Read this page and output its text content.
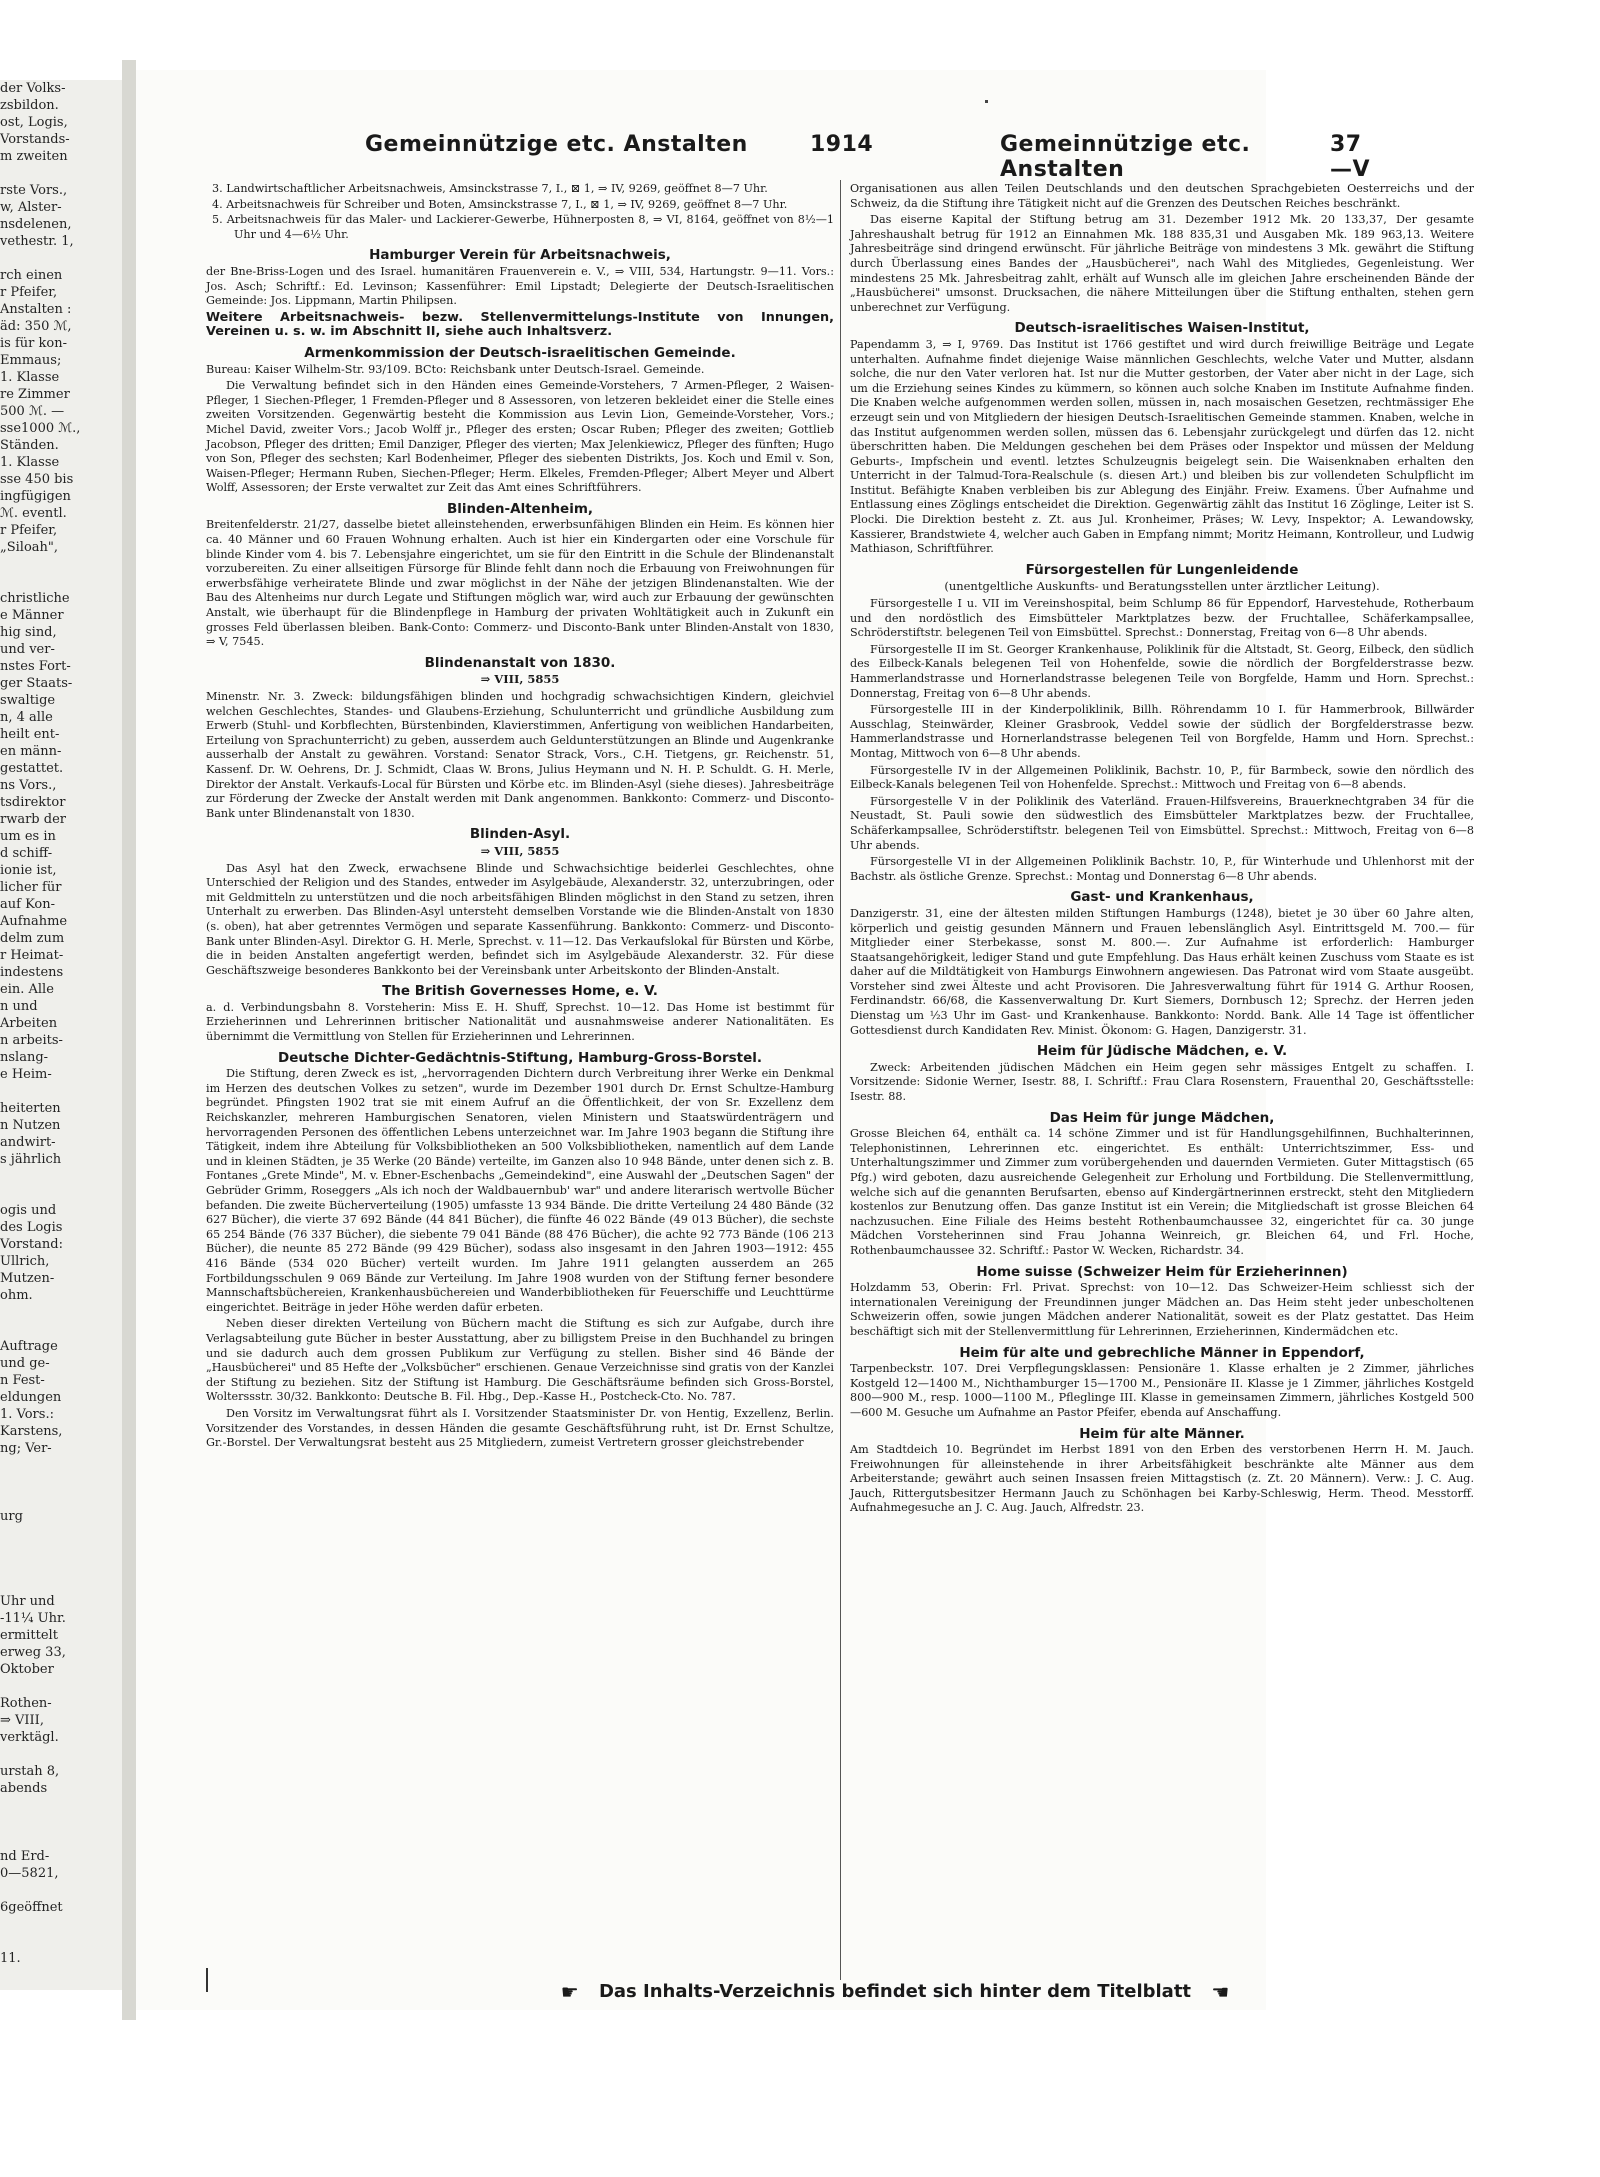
der Volks-
zsbildon.
ost, Logis,
Vorstands-
m zweiten

rste Vors.,
w, Alster-
nsdelenen,
vethestr. 1,

rch einen
r Pfeifer,
Anstalten :
äd: 350 ℳ,
is für kon-
Emmaus;
1. Klasse
re Zimmer
500 ℳ. —
sse1000 ℳ.,
Ständen.
1. Klasse
sse 450 bis
ingfügigen
ℳ. eventl.
r Pfeifer,
„Siloah",

christliche
e Männer
hig sind,
und ver-
nstes Fort-
ger Staats-
swaltige
n, 4 alle
heilt ent-
en männ-
gestattet.
ns Vors.,
tsdirektor
rwarb der
um es in
d schiff-
ionie ist,
licher für
auf Kon-
Aufnahme
delm zum
r Heimat-
indestens
ein. Alle
n und
Arbeiten
n arbeits-
nslang-
e Heim-

heiterten
n Nutzen
andwirt-
s jährlich

ogis und
des Logis
Vorstand:
Ullrich,
Mutzen-
ohm.

Auftrage
und ge-
n Fest-
eldungen
1. Vors.:
Karstens,
ng; Ver-

urg

Uhr und
-11¼ Uhr.
ermittelt
erweg 33,
Oktober

Rothen-
⇒ VIII,
verktägl.

urstah 8,
abends

nd Erd-
0—5821,

6geöffnet

11.
Gemeinnützige etc. Anstalten	1914	Gemeinnützige etc. Anstalten
37—V
3. Landwirtschaftlicher Arbeitsnachweis, Amsinckstrasse 7, I., ⊠ 1, ⇒ IV, 9269, geöffnet 8—7 Uhr.
4. Arbeitsnachweis für Schreiber und Boten, Amsinckstrasse 7, I., ⊠ 1, ⇒ IV, 9269, geöffnet 8—7 Uhr.
5. Arbeitsnachweis für das Maler- und Lackierer-Gewerbe, Hühnerposten 8, ⇒ VI, 8164, geöffnet von 8½—1 Uhr und 4—6½ Uhr.
Hamburger Verein für Arbeitsnachweis,
der Bne-Briss-Logen und des Israel. humanitären Frauenverein e. V., ⇒ VIII, 534, Hartungstr. 9—11. Vors.: Jos. Asch; Schriftf.: Ed. Levinson; Kassenführer: Emil Lipstadt; Delegierte der Deutsch-Israelitischen Gemeinde: Jos. Lippmann, Martin Philipsen.
Weitere Arbeitsnachweis- bezw. Stellenvermittelungs-Institute von Innungen, Vereinen u. s. w. im Abschnitt II, siehe auch Inhaltsverz.
Armenkommission der Deutsch-israelitischen Gemeinde.
Bureau: Kaiser Wilhelm-Str. 93/109. BCto: Reichsbank unter Deutsch-Israel. Gemeinde.
Die Verwaltung befindet sich in den Händen eines Gemeinde-Vorstehers, 7 Armen-Pfleger, 2 Waisen-Pfleger, 1 Siechen-Pfleger, 1 Fremden-Pfleger und 8 Assessoren, von letzeren bekleidet einer die Stelle eines zweiten Vorsitzenden. Gegenwärtig besteht die Kommission aus Levin Lion, Gemeinde-Vorsteher, Vors.; Michel David, zweiter Vors.; Jacob Wolff jr., Pfleger des ersten; Oscar Ruben; Pfleger des zweiten; Gottlieb Jacobson, Pfleger des dritten; Emil Danziger, Pfleger des vierten; Max Jelenkiewicz, Pfleger des fünften; Hugo von Son, Pfleger des sechsten; Karl Bodenheimer, Pfleger des siebenten Distrikts, Jos. Koch und Emil v. Son, Waisen-Pfleger; Hermann Ruben, Siechen-Pfleger; Herm. Elkeles, Fremden-Pfleger; Albert Meyer und Albert Wolff, Assessoren; der Erste verwaltet zur Zeit das Amt eines Schriftführers.
Blinden-Altenheim,
Breitenfelderstr. 21/27, dasselbe bietet alleinstehenden, erwerbsunfähigen Blinden ein Heim. Es können hier ca. 40 Männer und 60 Frauen Wohnung erhalten. Auch ist hier ein Kindergarten oder eine Vorschule für blinde Kinder vom 4. bis 7. Lebensjahre eingerichtet, um sie für den Eintritt in die Schule der Blindenanstalt vorzubereiten. Zu einer allseitigen Fürsorge für Blinde fehlt dann noch die Erbauung von Freiwohnungen für erwerbsfähige verheiratete Blinde und zwar möglichst in der Nähe der jetzigen Blindenanstalten. Wie der Bau des Altenheims nur durch Legate und Stiftungen möglich war, wird auch zur Erbauung der gewünschten Anstalt, wie überhaupt für die Blindenpflege in Hamburg der privaten Wohltätigkeit auch in Zukunft ein grosses Feld überlassen bleiben. Bank-Conto: Commerz- und Disconto-Bank unter Blinden-Anstalt von 1830, ⇒ V, 7545.
Blindenanstalt von 1830.
⇒ VIII, 5855
Minenstr. Nr. 3. Zweck: bildungsfähigen blinden und hochgradig schwachsichtigen Kindern, gleichviel welchen Geschlechtes, Standes- und Glaubens-Erziehung, Schulunterricht und gründliche Ausbildung zum Erwerb (Stuhl- und Korbflechten, Bürstenbinden, Klavierstimmen, Anfertigung von weiblichen Handarbeiten, Erteilung von Sprachunterricht) zu geben, ausserdem auch Geldunterstützungen an Blinde und Augenkranke ausserhalb der Anstalt zu gewähren. Vorstand: Senator Strack, Vors., C.H. Tietgens, gr. Reichenstr. 51, Kassenf. Dr. W. Oehrens, Dr. J. Schmidt, Claas W. Brons, Julius Heymann und N. H. P. Schuldt. G. H. Merle, Direktor der Anstalt. Verkaufs-Local für Bürsten und Körbe etc. im Blinden-Asyl (siehe dieses). Jahresbeiträge zur Förderung der Zwecke der Anstalt werden mit Dank angenommen. Bankkonto: Commerz- und Disconto-Bank unter Blindenanstalt von 1830.
Blinden-Asyl.
⇒ VIII, 5855
Das Asyl hat den Zweck, erwachsene Blinde und Schwachsichtige beiderlei Geschlechtes, ohne Unterschied der Religion und des Standes, entweder im Asylgebäude, Alexanderstr. 32, unterzubringen, oder mit Geldmitteln zu unterstützen und die noch arbeitsfähigen Blinden möglichst in den Stand zu setzen, ihren Unterhalt zu erwerben. Das Blinden-Asyl untersteht demselben Vorstande wie die Blinden-Anstalt von 1830 (s. oben), hat aber getrenntes Vermögen und separate Kassenführung. Bankkonto: Commerz- und Disconto-Bank unter Blinden-Asyl. Direktor G. H. Merle, Sprechst. v. 11—12. Das Verkaufslokal für Bürsten und Körbe, die in beiden Anstalten angefertigt werden, befindet sich im Asylgebäude Alexanderstr. 32. Für diese Geschäftszweige besonderes Bankkonto bei der Vereinsbank unter Arbeitskonto der Blinden-Anstalt.
The British Governesses Home, e. V.
a. d. Verbindungsbahn 8. Vorsteherin: Miss E. H. Shuff, Sprechst. 10—12. Das Home ist bestimmt für Erzieherinnen und Lehrerinnen britischer Nationalität und ausnahmsweise anderer Nationalitäten. Es übernimmt die Vermittlung von Stellen für Erzieherinnen und Lehrerinnen.
Deutsche Dichter-Gedächtnis-Stiftung, Hamburg-Gross-Borstel.
Die Stiftung, deren Zweck es ist, „hervorragenden Dichtern durch Verbreitung ihrer Werke ein Denkmal im Herzen des deutschen Volkes zu setzen", wurde im Dezember 1901 durch Dr. Ernst Schultze-Hamburg begründet. Pfingsten 1902 trat sie mit einem Aufruf an die Öffentlichkeit, der von Sr. Exzellenz dem Reichskanzler, mehreren Hamburgischen Senatoren, vielen Ministern und Staatswürdenträgern und hervorragenden Personen des öffentlichen Lebens unterzeichnet war. Im Jahre 1903 begann die Stiftung ihre Tätigkeit, indem ihre Abteilung für Volksbibliotheken an 500 Volksbibliotheken, namentlich auf dem Lande und in kleinen Städten, je 35 Werke (20 Bände) verteilte, im Ganzen also 10 948 Bände, unter denen sich z. B. Fontanes „Grete Minde", M. v. Ebner-Eschenbachs „Gemeindekind", eine Auswahl der „Deutschen Sagen" der Gebrüder Grimm, Roseggers „Als ich noch der Waldbauernbub' war" und andere literarisch wertvolle Bücher befanden. Die zweite Bücherverteilung (1905) umfasste 13 934 Bände. Die dritte Verteilung 24 480 Bände (32 627 Bücher), die vierte 37 692 Bände (44 841 Bücher), die fünfte 46 022 Bände (49 013 Bücher), die sechste 65 254 Bände (76 337 Bücher), die siebente 79 041 Bände (88 476 Bücher), die achte 92 773 Bände (106 213 Bücher), die neunte 85 272 Bände (99 429 Bücher), sodass also insgesamt in den Jahren 1903—1912: 455 416 Bände (534 020 Bücher) verteilt wurden. Im Jahre 1911 gelangten ausserdem an 265 Fortbildungsschulen 9 069 Bände zur Verteilung. Im Jahre 1908 wurden von der Stiftung ferner besondere Mannschaftsbüchereien, Krankenhausbüchereien und Wanderbibliotheken für Feuerschiffe und Leuchttürme eingerichtet. Beiträge in jeder Höhe werden dafür erbeten.
Neben dieser direkten Verteilung von Büchern macht die Stiftung es sich zur Aufgabe, durch ihre Verlagsabteilung gute Bücher in bester Ausstattung, aber zu billigstem Preise in den Buchhandel zu bringen und sie dadurch auch dem grossen Publikum zur Verfügung zu stellen. Bisher sind 46 Bände der „Hausbücherei" und 85 Hefte der „Volksbücher" erschienen. Genaue Verzeichnisse sind gratis von der Kanzlei der Stiftung zu beziehen. Sitz der Stiftung ist Hamburg. Die Geschäftsräume befinden sich Gross-Borstel, Wolterssstr. 30/32. Bankkonto: Deutsche B. Fil. Hbg., Dep.-Kasse H., Postcheck-Cto. No. 787.
Den Vorsitz im Verwaltungsrat führt als I. Vorsitzender Staatsminister Dr. von Hentig, Exzellenz, Berlin. Vorsitzender des Vorstandes, in dessen Händen die gesamte Geschäftsführung ruht, ist Dr. Ernst Schultze, Gr.-Borstel. Der Verwaltungsrat besteht aus 25 Mitgliedern, zumeist Vertretern grosser gleichstrebender
Organisationen aus allen Teilen Deutschlands und den deutschen Sprachgebieten Oesterreichs und der Schweiz, da die Stiftung ihre Tätigkeit nicht auf die Grenzen des Deutschen Reiches beschränkt.
Das eiserne Kapital der Stiftung betrug am 31. Dezember 1912 Mk. 20 133,37, Der gesamte Jahreshaushalt betrug für 1912 an Einnahmen Mk. 188 835,31 und Ausgaben Mk. 189 963,13. Weitere Jahresbeiträge sind dringend erwünscht. Für jährliche Beiträge von mindestens 3 Mk. gewährt die Stiftung durch Überlassung eines Bandes der „Hausbücherei", nach Wahl des Mitgliedes, Gegenleistung. Wer mindestens 25 Mk. Jahresbeitrag zahlt, erhält auf Wunsch alle im gleichen Jahre erscheinenden Bände der „Hausbücherei" umsonst. Drucksachen, die nähere Mitteilungen über die Stiftung enthalten, stehen gern unberechnet zur Verfügung.
Deutsch-israelitisches Waisen-Institut,
Papendamm 3, ⇒ I, 9769. Das Institut ist 1766 gestiftet und wird durch freiwillige Beiträge und Legate unterhalten. Aufnahme findet diejenige Waise männlichen Geschlechts, welche Vater und Mutter, alsdann solche, die nur den Vater verloren hat. Ist nur die Mutter gestorben, der Vater aber nicht in der Lage, sich um die Erziehung seines Kindes zu kümmern, so können auch solche Knaben im Institute Aufnahme finden. Die Knaben welche aufgenommen werden sollen, müssen in, nach mosaischen Gesetzen, rechtmässiger Ehe erzeugt sein und von Mitgliedern der hiesigen Deutsch-Israelitischen Gemeinde stammen. Knaben, welche in das Institut aufgenommen werden sollen, müssen das 6. Lebensjahr zurückgelegt und dürfen das 12. nicht überschritten haben. Die Meldungen geschehen bei dem Präses oder Inspektor und müssen der Meldung Geburts-, Impfschein und eventl. letztes Schulzeugnis beigelegt sein. Die Waisenknaben erhalten den Unterricht in der Talmud-Tora-Realschule (s. diesen Art.) und bleiben bis zur vollendeten Schulpflicht im Institut. Befähigte Knaben verbleiben bis zur Ablegung des Einjähr. Freiw. Examens. Über Aufnahme und Entlassung eines Zöglings entscheidet die Direktion. Gegenwärtig zählt das Institut 16 Zöglinge, Leiter ist S. Plocki. Die Direktion besteht z. Zt. aus Jul. Kronheimer, Präses; W. Levy, Inspektor; A. Lewandowsky, Kassierer, Brandstwiete 4, welcher auch Gaben in Empfang nimmt; Moritz Heimann, Kontrolleur, und Ludwig Mathiason, Schriftführer.
Fürsorgestellen für Lungenleidende
(unentgeltliche Auskunfts- und Beratungsstellen unter ärztlicher Leitung).
Fürsorgestelle I u. VII im Vereinshospital, beim Schlump 86 für Eppendorf, Harvestehude, Rotherbaum und den nordöstlich des Eimsbütteler Marktplatzes bezw. der Fruchtallee, Schäferkampsallee, Schröderstiftstr. belegenen Teil von Eimsbüttel. Sprechst.: Donnerstag, Freitag von 6—8 Uhr abends.
Fürsorgestelle II im St. Georger Krankenhause, Poliklinik für die Altstadt, St. Georg, Eilbeck, den südlich des Eilbeck-Kanals belegenen Teil von Hohenfelde, sowie die nördlich der Borgfelderstrasse bezw. Hammerlandstrasse und Hornerlandstrasse belegenen Teile von Borgfelde, Hamm und Horn. Sprechst.: Donnerstag, Freitag von 6—8 Uhr abends.
Fürsorgestelle III in der Kinderpoliklinik, Billh. Röhrendamm 10 I. für Hammerbrook, Billwärder Ausschlag, Steinwärder, Kleiner Grasbrook, Veddel sowie der südlich der Borgfelderstrasse bezw. Hammerlandstrasse und Hornerlandstrasse belegenen Teil von Borgfelde, Hamm und Horn. Sprechst.: Montag, Mittwoch von 6—8 Uhr abends.
Fürsorgestelle IV in der Allgemeinen Poliklinik, Bachstr. 10, P., für Barmbeck, sowie den nördlich des Eilbeck-Kanals belegenen Teil von Hohenfelde. Sprechst.: Mittwoch und Freitag von 6—8 abends.
Fürsorgestelle V in der Poliklinik des Vaterländ. Frauen-Hilfsvereins, Brauerknechtgraben 34 für die Neustadt, St. Pauli sowie den südwestlich des Eimsbütteler Marktplatzes bezw. der Fruchtallee, Schäferkampsallee, Schröderstiftstr. belegenen Teil von Eimsbüttel. Sprechst.: Mittwoch, Freitag von 6—8 Uhr abends.
Fürsorgestelle VI in der Allgemeinen Poliklinik Bachstr. 10, P., für Winterhude und Uhlenhorst mit der Bachstr. als östliche Grenze. Sprechst.: Montag und Donnerstag 6—8 Uhr abends.
Gast- und Krankenhaus,
Danzigerstr. 31, eine der ältesten milden Stiftungen Hamburgs (1248), bietet je 30 über 60 Jahre alten, körperlich und geistig gesunden Männern und Frauen lebenslänglich Asyl. Eintrittsgeld M. 700.— für Mitglieder einer Sterbekasse, sonst M. 800.—. Zur Aufnahme ist erforderlich: Hamburger Staatsangehörigkeit, lediger Stand und gute Empfehlung. Das Haus erhält keinen Zuschuss vom Staate es ist daher auf die Mildtätigkeit von Hamburgs Einwohnern angewiesen. Das Patronat wird vom Staate ausgeübt. Vorsteher sind zwei Älteste und acht Provisoren. Die Jahresverwaltung führt für 1914 G. Arthur Roosen, Ferdinandstr. 66/68, die Kassenverwaltung Dr. Kurt Siemers, Dornbusch 12; Sprechz. der Herren jeden Dienstag um ½3 Uhr im Gast- und Krankenhause. Bankkonto: Nordd. Bank. Alle 14 Tage ist öffentlicher Gottesdienst durch Kandidaten Rev. Minist. Ökonom: G. Hagen, Danzigerstr. 31.
Heim für Jüdische Mädchen, e. V.
Zweck: Arbeitenden jüdischen Mädchen ein Heim gegen sehr mässiges Entgelt zu schaffen. I. Vorsitzende: Sidonie Werner, Isestr. 88, I. Schriftf.: Frau Clara Rosenstern, Frauenthal 20, Geschäftsstelle: Isestr. 88.
Das Heim für junge Mädchen,
Grosse Bleichen 64, enthält ca. 14 schöne Zimmer und ist für Handlungsgehilfinnen, Buchhalterinnen, Telephonistinnen, Lehrerinnen etc. eingerichtet. Es enthält: Unterrichtszimmer, Ess- und Unterhaltungszimmer und Zimmer zum vorübergehenden und dauernden Vermieten. Guter Mittagstisch (65 Pfg.) wird geboten, dazu ausreichende Gelegenheit zur Erholung und Fortbildung. Die Stellenvermittlung, welche sich auf die genannten Berufsarten, ebenso auf Kindergärtnerinnen erstreckt, steht den Mitgliedern kostenlos zur Benutzung offen. Das ganze Institut ist ein Verein; die Mitgliedschaft ist grosse Bleichen 64 nachzusuchen. Eine Filiale des Heims besteht Rothenbaumchaussee 32, eingerichtet für ca. 30 junge Mädchen Vorsteherinnen sind Frau Johanna Weinreich, gr. Bleichen 64, und Frl. Hoche, Rothenbaumchaussee 32. Schriftf.: Pastor W. Wecken, Richardstr. 34.
Home suisse (Schweizer Heim für Erzieherinnen)
Holzdamm 53, Oberin: Frl. Privat. Sprechst: von 10—12. Das Schweizer-Heim schliesst sich der internationalen Vereinigung der Freundinnen junger Mädchen an. Das Heim steht jeder unbescholtenen Schweizerin offen, sowie jungen Mädchen anderer Nationalität, soweit es der Platz gestattet. Das Heim beschäftigt sich mit der Stellenvermittlung für Lehrerinnen, Erzieherinnen, Kindermädchen etc.
Heim für alte und gebrechliche Männer in Eppendorf,
Tarpenbeckstr. 107. Drei Verpflegungsklassen: Pensionäre 1. Klasse erhalten je 2 Zimmer, jährliches Kostgeld 12—1400 M., Nichthamburger 15—1700 M., Pensionäre II. Klasse je 1 Zimmer, jährliches Kostgeld 800—900 M., resp. 1000—1100 M., Pfleglinge III. Klasse in gemeinsamen Zimmern, jährliches Kostgeld 500—600 M. Gesuche um Aufnahme an Pastor Pfeifer, ebenda auf Anschaffung.
Heim für alte Männer.
Am Stadtdeich 10. Begründet im Herbst 1891 von den Erben des verstorbenen Herrn H. M. Jauch. Freiwohnungen für alleinstehende in ihrer Arbeitsfähigkeit beschränkte alte Männer aus dem Arbeiterstande; gewährt auch seinen Insassen freien Mittagstisch (z. Zt. 20 Männern). Verw.: J. C. Aug. Jauch, Rittergutsbesitzer Hermann Jauch zu Schönhagen bei Karby-Schleswig, Herm. Theod. Messtorff. Aufnahmegesuche an J. C. Aug. Jauch, Alfredstr. 23.
☛ Das Inhalts-Verzeichnis befindet sich hinter dem Titelblatt ☚
